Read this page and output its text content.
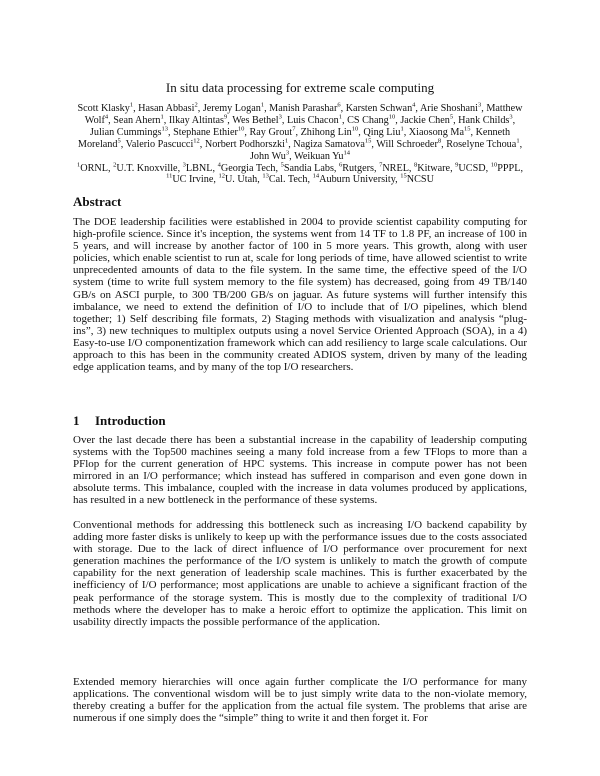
In situ data processing for extreme scale computing
Scott Klasky$^1$, Hasan Abbasi$^2$, Jeremy Logan$^1$, Manish Parashar$^6$, Karsten Schwan$^4$, Arie Shoshani$^3$, Matthew Wolf$^4$, Sean Ahern$^1$, Ilkay Altintas$^9$, Wes Bethel$^3$, Luis Chacon$^1$, CS Chang$^{10}$, Jackie Chen$^5$, Hank Childs$^3$, Julian Cummings$^{13}$, Stephane Ethier$^{10}$, Ray Grout$^7$, Zhihong Lin$^{10}$, Qing Liu$^1$, Xiaosong Ma$^{15}$, Kenneth Moreland$^5$, Valerio Pascucci$^{12}$, Norbert Podhorszki$^1$, Nagiza Samatova$^{15}$, Will Schroeder$^8$, Roselyne Tchoua$^1$, John Wu$^3$, Weikuan Yu$^{14}$
$^1$ORNL, $^2$U.T. Knoxville, $^3$LBNL, $^4$Georgia Tech, $^5$Sandia Labs, $^6$Rutgers, $^7$NREL, $^8$Kitware, $^9$UCSD, $^{10}$PPPL, $^{11}$UC Irvine, $^{12}$U. Utah, $^{13}$Cal. Tech, $^{14}$Auburn University, $^{15}$NCSU
Abstract

The DOE leadership facilities were established in 2004 to provide scientist capability computing for high-profile science. Since it's inception, the systems went from 14 TF to 1.8 PF, an increase of 100 in 5 years, and will increase by another factor of 100 in 5 more years. This growth, along with user policies, which enable scientist to run at, scale for long periods of time, have allowed scientist to write unprecedented amounts of data to the file system. In the same time, the effective speed of the I/O system (time to write full system memory to the file system) has decreased, going from 49 TB/140 GB/s on ASCI purple, to 300 TB/200 GB/s on jaguar. As future systems will further intensify this imbalance, we need to extend the definition of I/O to include that of I/O pipelines, which blend together; 1) Self describing file formats, 2) Staging methods with visualization and analysis “plug-ins”, 3) new techniques to multiplex outputs using a novel Service Oriented Approach (SOA), in a 4) Easy-to-use I/O componentization framework which can add resiliency to large scale calculations. Our approach to this has been in the community created ADIOS system, driven by many of the leading edge application teams, and by many of the top I/O researchers.

1 Introduction

Over the last decade there has been a substantial increase in the capability of leadership computing systems with the Top500 machines seeing a many fold increase from a few TFlops to more than a PFlop for the current generation of HPC systems. This increase in compute power has not been mirrored in an I/O performance; which instead has suffered in comparison and even gone down in absolute terms. This imbalance, coupled with the increase in data volumes produced by applications, has resulted in a new bottleneck in the performance of these systems.

Conventional methods for addressing this bottleneck such as increasing I/O backend capability by adding more faster disks is unlikely to keep up with the performance issues due to the costs associated with storage. Due to the lack of direct influence of I/O performance over procurement for next generation machines the performance of the I/O system is unlikely to match the growth of compute capability for the next generation of leadership scale machines. This is further exacerbated by the inefficiency of I/O performance; most applications are unable to achieve a significant fraction of the peak performance of the storage system. This is mostly due to the complexity of traditional I/O methods where the developer has to make a heroic effort to optimize the application. This limit on usability directly impacts the possible performance of the application.

Extended memory hierarchies will once again further complicate the I/O performance for many applications. The conventional wisdom will be to just simply write data to the non-violate memory, thereby creating a buffer for the application from the actual file system. The problems that arise are numerous if one simply does the “simple” thing to write it and then forget it. For
